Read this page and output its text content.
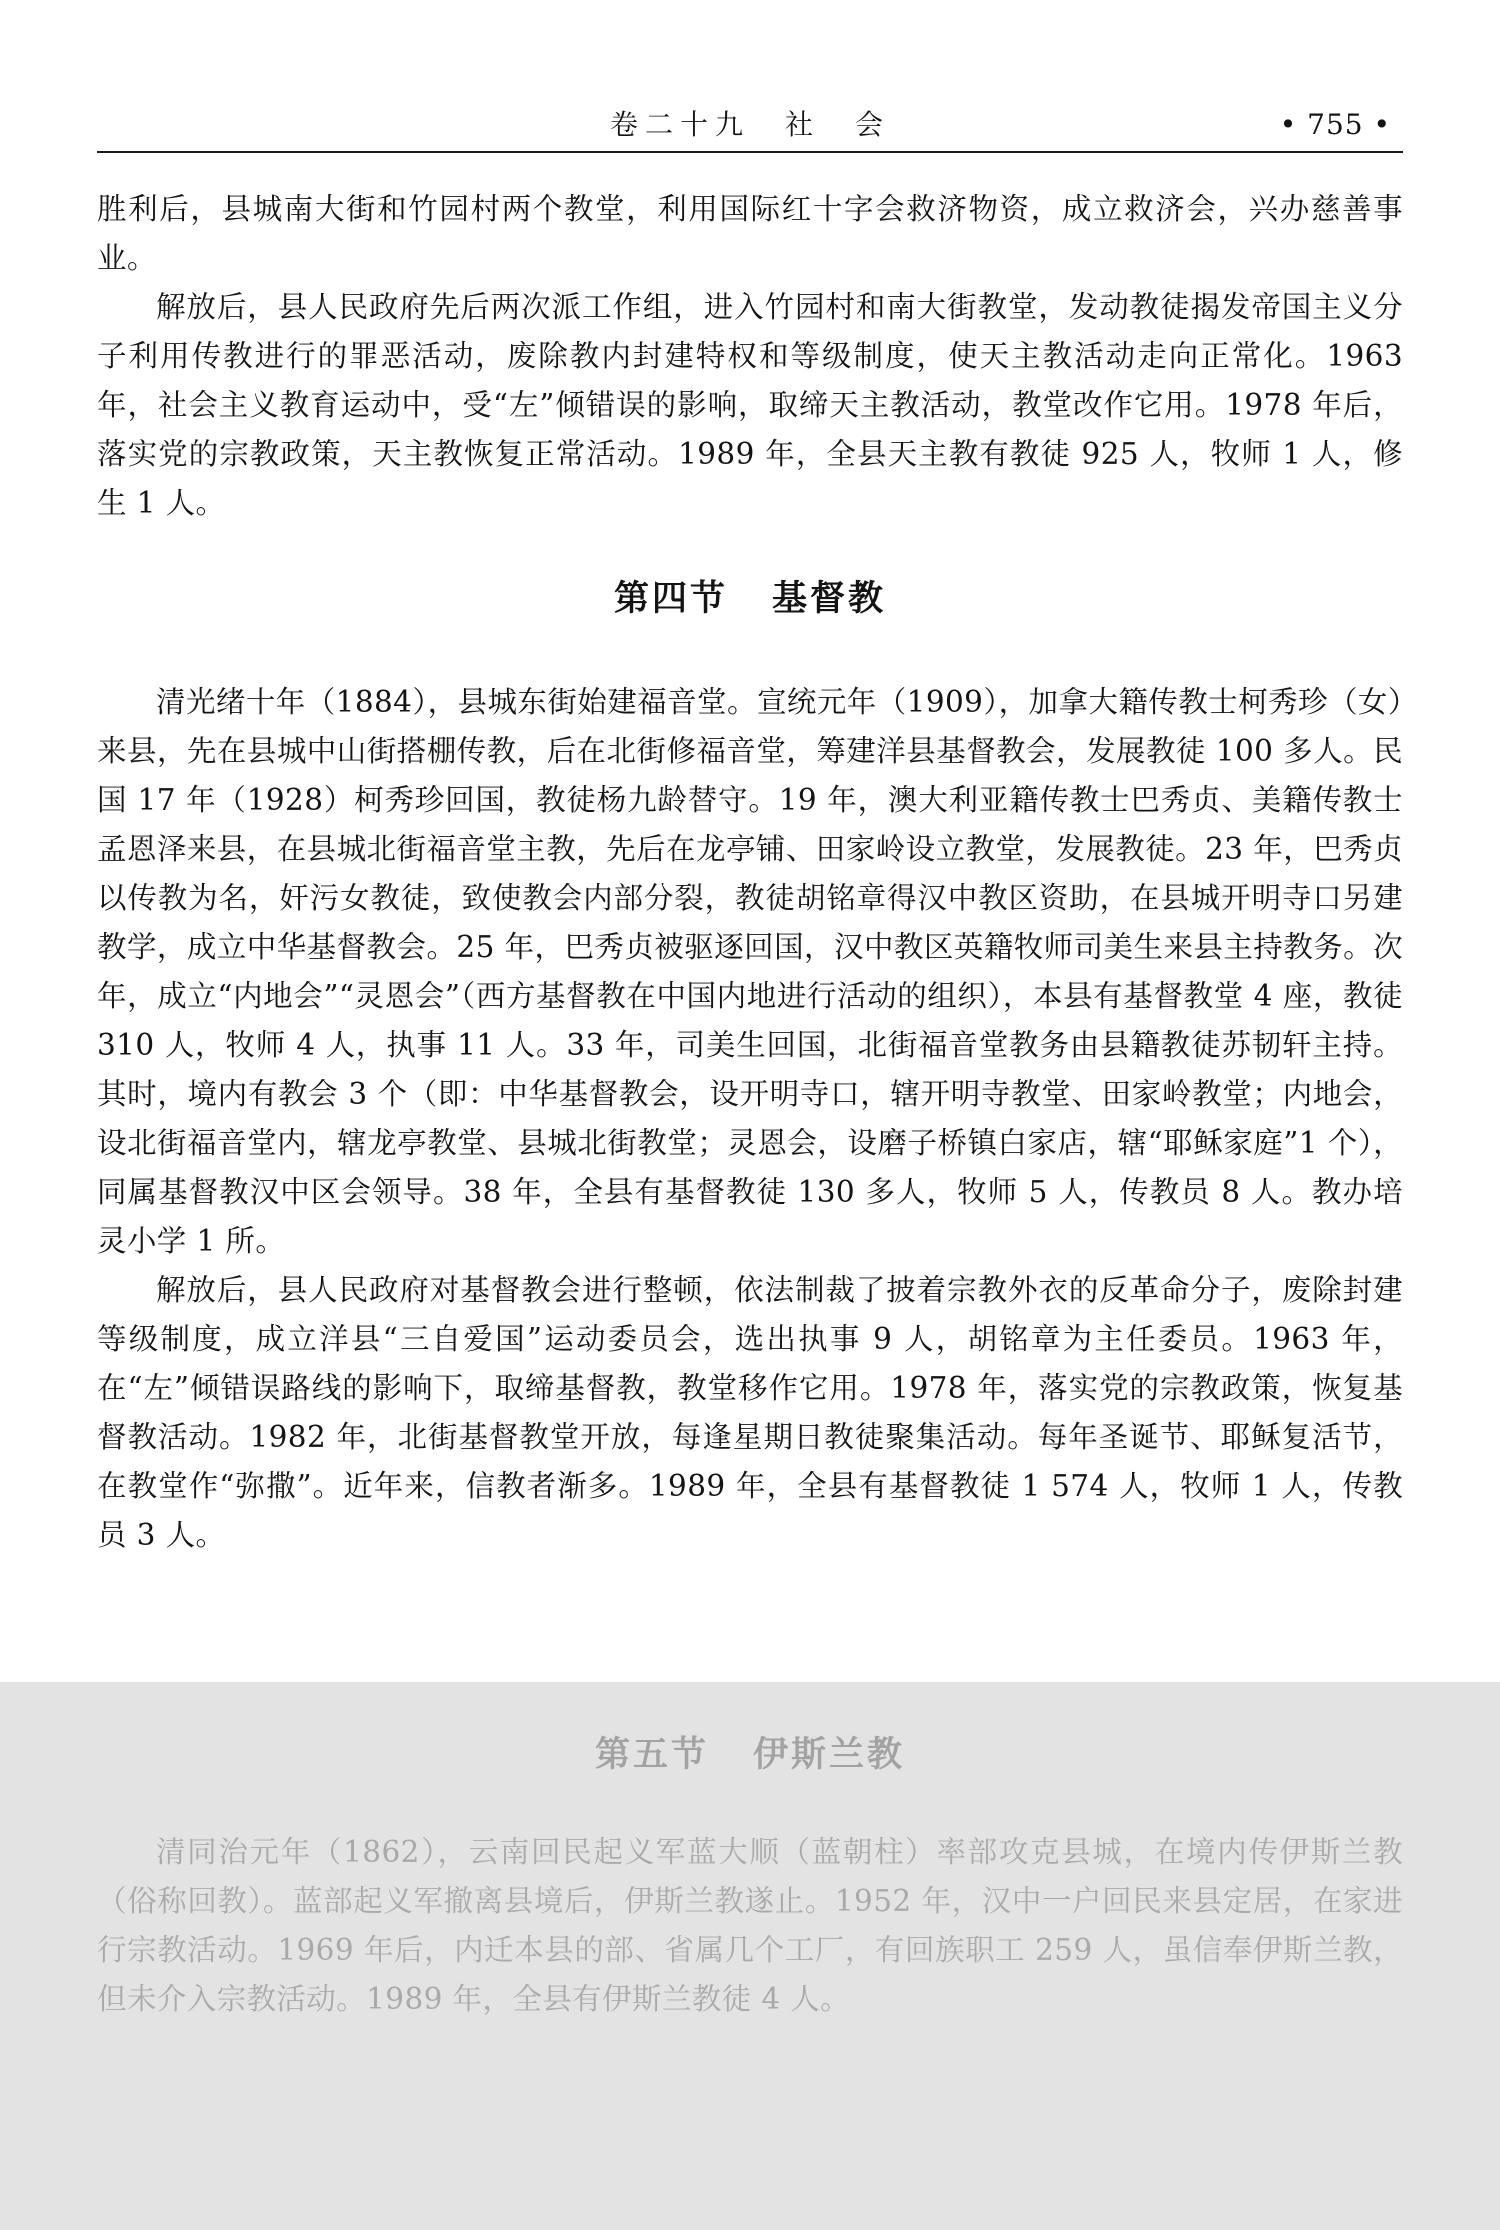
卷二十九　社　会	• 755 •

胜利后，县城南大街和竹园村两个教堂，利用国际红十字会救济物资，成立救济会，兴办慈善事业。

解放后，县人民政府先后两次派工作组，进入竹园村和南大街教堂，发动教徒揭发帝国主义分子利用传教进行的罪恶活动，废除教内封建特权和等级制度，使天主教活动走向正常化。1963 年，社会主义教育运动中，受“左”倾错误的影响，取缔天主教活动，教堂改作它用。1978 年后，落实党的宗教政策，天主教恢复正常活动。1989 年，全县天主教有教徒 925 人，牧师 1 人，修生 1 人。

第四节 基督教

清光绪十年（1884），县城东街始建福音堂。宣统元年（1909），加拿大籍传教士柯秀珍（女）来县，先在县城中山街搭棚传教，后在北街修福音堂，筹建洋县基督教会，发展教徒 100 多人。民国 17 年（1928）柯秀珍回国，教徒杨九龄替守。19 年，澳大利亚籍传教士巴秀贞、美籍传教士孟恩泽来县，在县城北街福音堂主教，先后在龙亭铺、田家岭设立教堂，发展教徒。23 年，巴秀贞以传教为名，奸污女教徒，致使教会内部分裂，教徒胡铭章得汉中教区资助，在县城开明寺口另建教学，成立中华基督教会。25 年，巴秀贞被驱逐回国，汉中教区英籍牧师司美生来县主持教务。次年，成立“内地会”“灵恩会”（西方基督教在中国内地进行活动的组织），本县有基督教堂 4 座，教徒 310 人，牧师 4 人，执事 11 人。33 年，司美生回国，北街福音堂教务由县籍教徒苏韧轩主持。其时，境内有教会 3 个（即：中华基督教会，设开明寺口，辖开明寺教堂、田家岭教堂；内地会，设北街福音堂内，辖龙亭教堂、县城北街教堂；灵恩会，设磨子桥镇白家店，辖“耶稣家庭”1 个），同属基督教汉中区会领导。38 年，全县有基督教徒 130 多人，牧师 5 人，传教员 8 人。教办培灵小学 1 所。

解放后，县人民政府对基督教会进行整顿，依法制裁了披着宗教外衣的反革命分子，废除封建等级制度，成立洋县“三自爱国”运动委员会，选出执事 9 人，胡铭章为主任委员。1963 年，在“左”倾错误路线的影响下，取缔基督教，教堂移作它用。1978 年，落实党的宗教政策，恢复基督教活动。1982 年，北街基督教堂开放，每逢星期日教徒聚集活动。每年圣诞节、耶稣复活节，在教堂作“弥撒”。近年来，信教者渐多。1989 年，全县有基督教徒 1 574 人，牧师 1 人，传教员 3 人。

第五节 伊斯兰教

清同治元年（1862），云南回民起义军蓝大顺（蓝朝柱）率部攻克县城，在境内传伊斯兰教（俗称回教）。蓝部起义军撤离县境后，伊斯兰教遂止。1952 年，汉中一户回民来县定居，在家进行宗教活动。1969 年后，内迁本县的部、省属几个工厂，有回族职工 259 人，虽信奉伊斯兰教，但未介入宗教活动。1989 年，全县有伊斯兰教徒 4 人。
